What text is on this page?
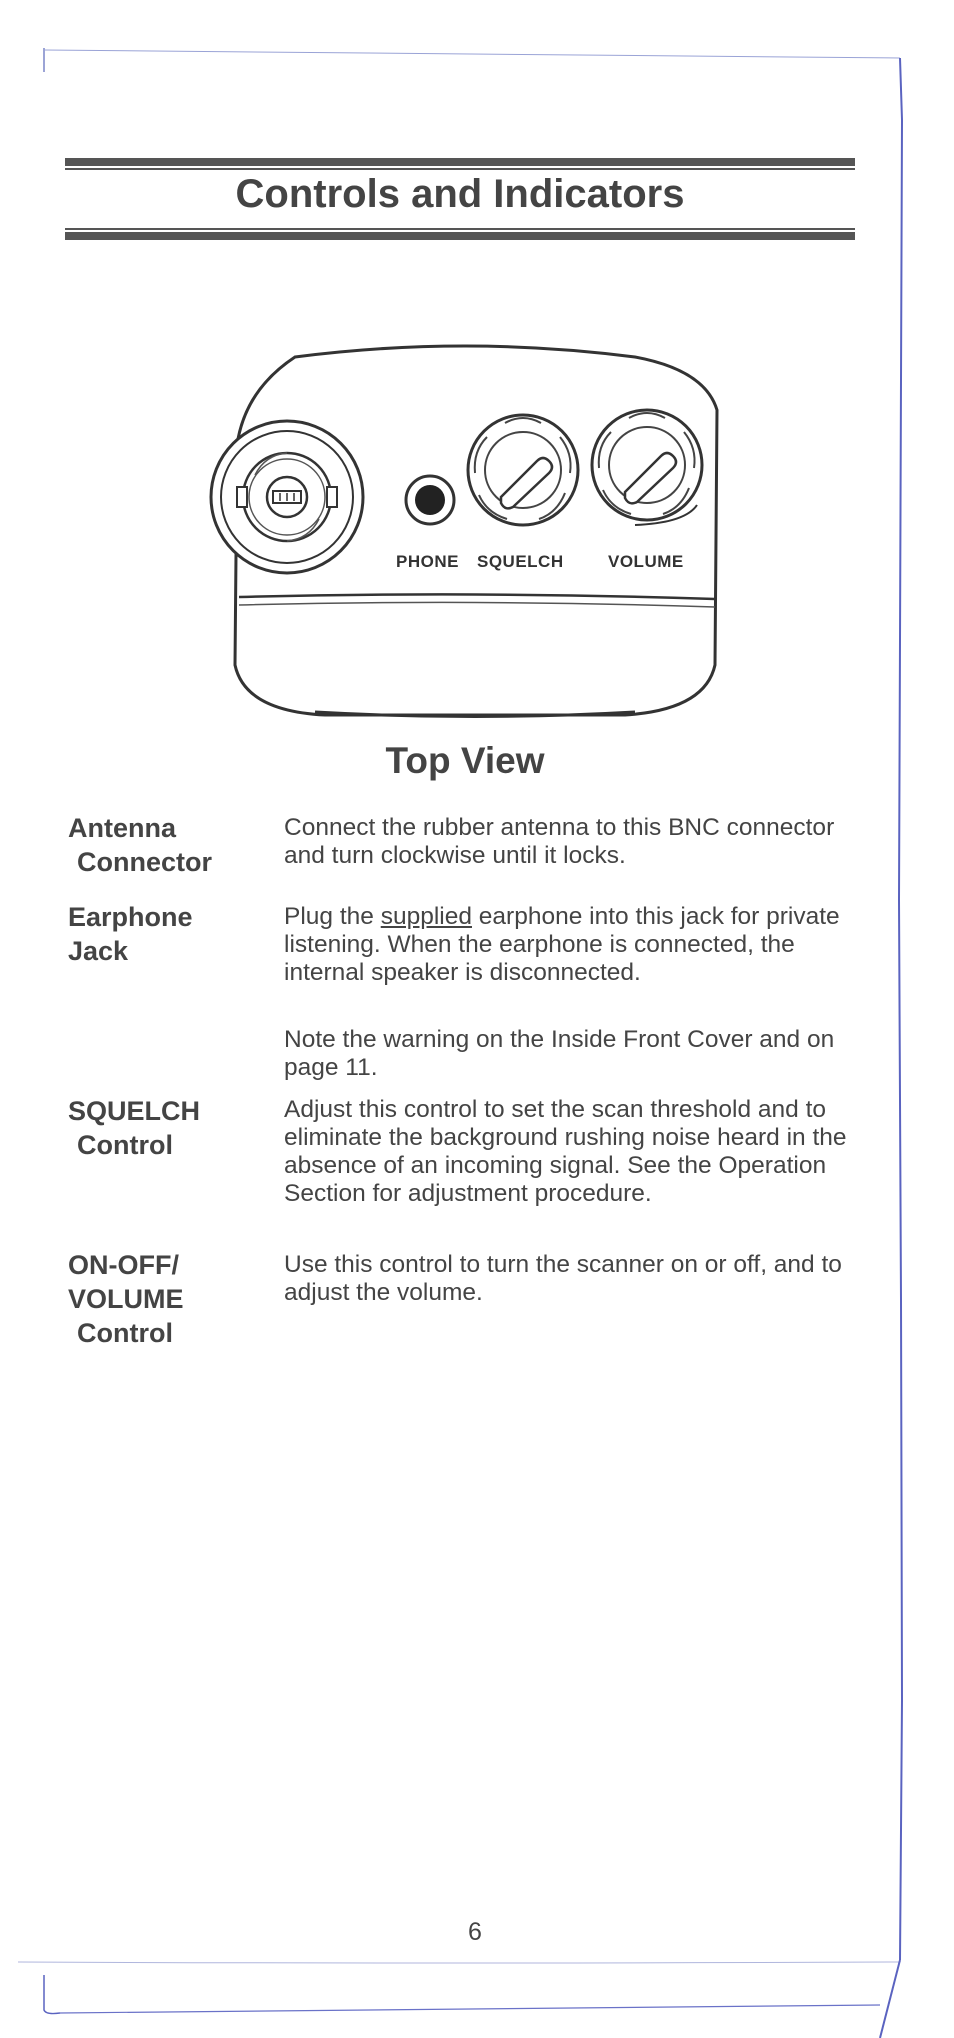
Controls and Indicators
PHONE SQUELCH	VOLUME
Top View
Antenna
Connector

Connect the rubber antenna to this BNC connector and turn clockwise until it locks.

Earphone
Jack

Plug the supplied earphone into this jack for private listening. When the earphone is connected, the internal speaker is disconnected.

Note the warning on the Inside Front Cover and on page 11.

SQUELCH
Control

Adjust this control to set the scan threshold and to eliminate the background rushing noise heard in the absence of an incoming signal. See the Operation Section for adjustment procedure.

ON-OFF/
VOLUME
Control

Use this control to turn the scanner on or off, and to adjust the volume.

6
